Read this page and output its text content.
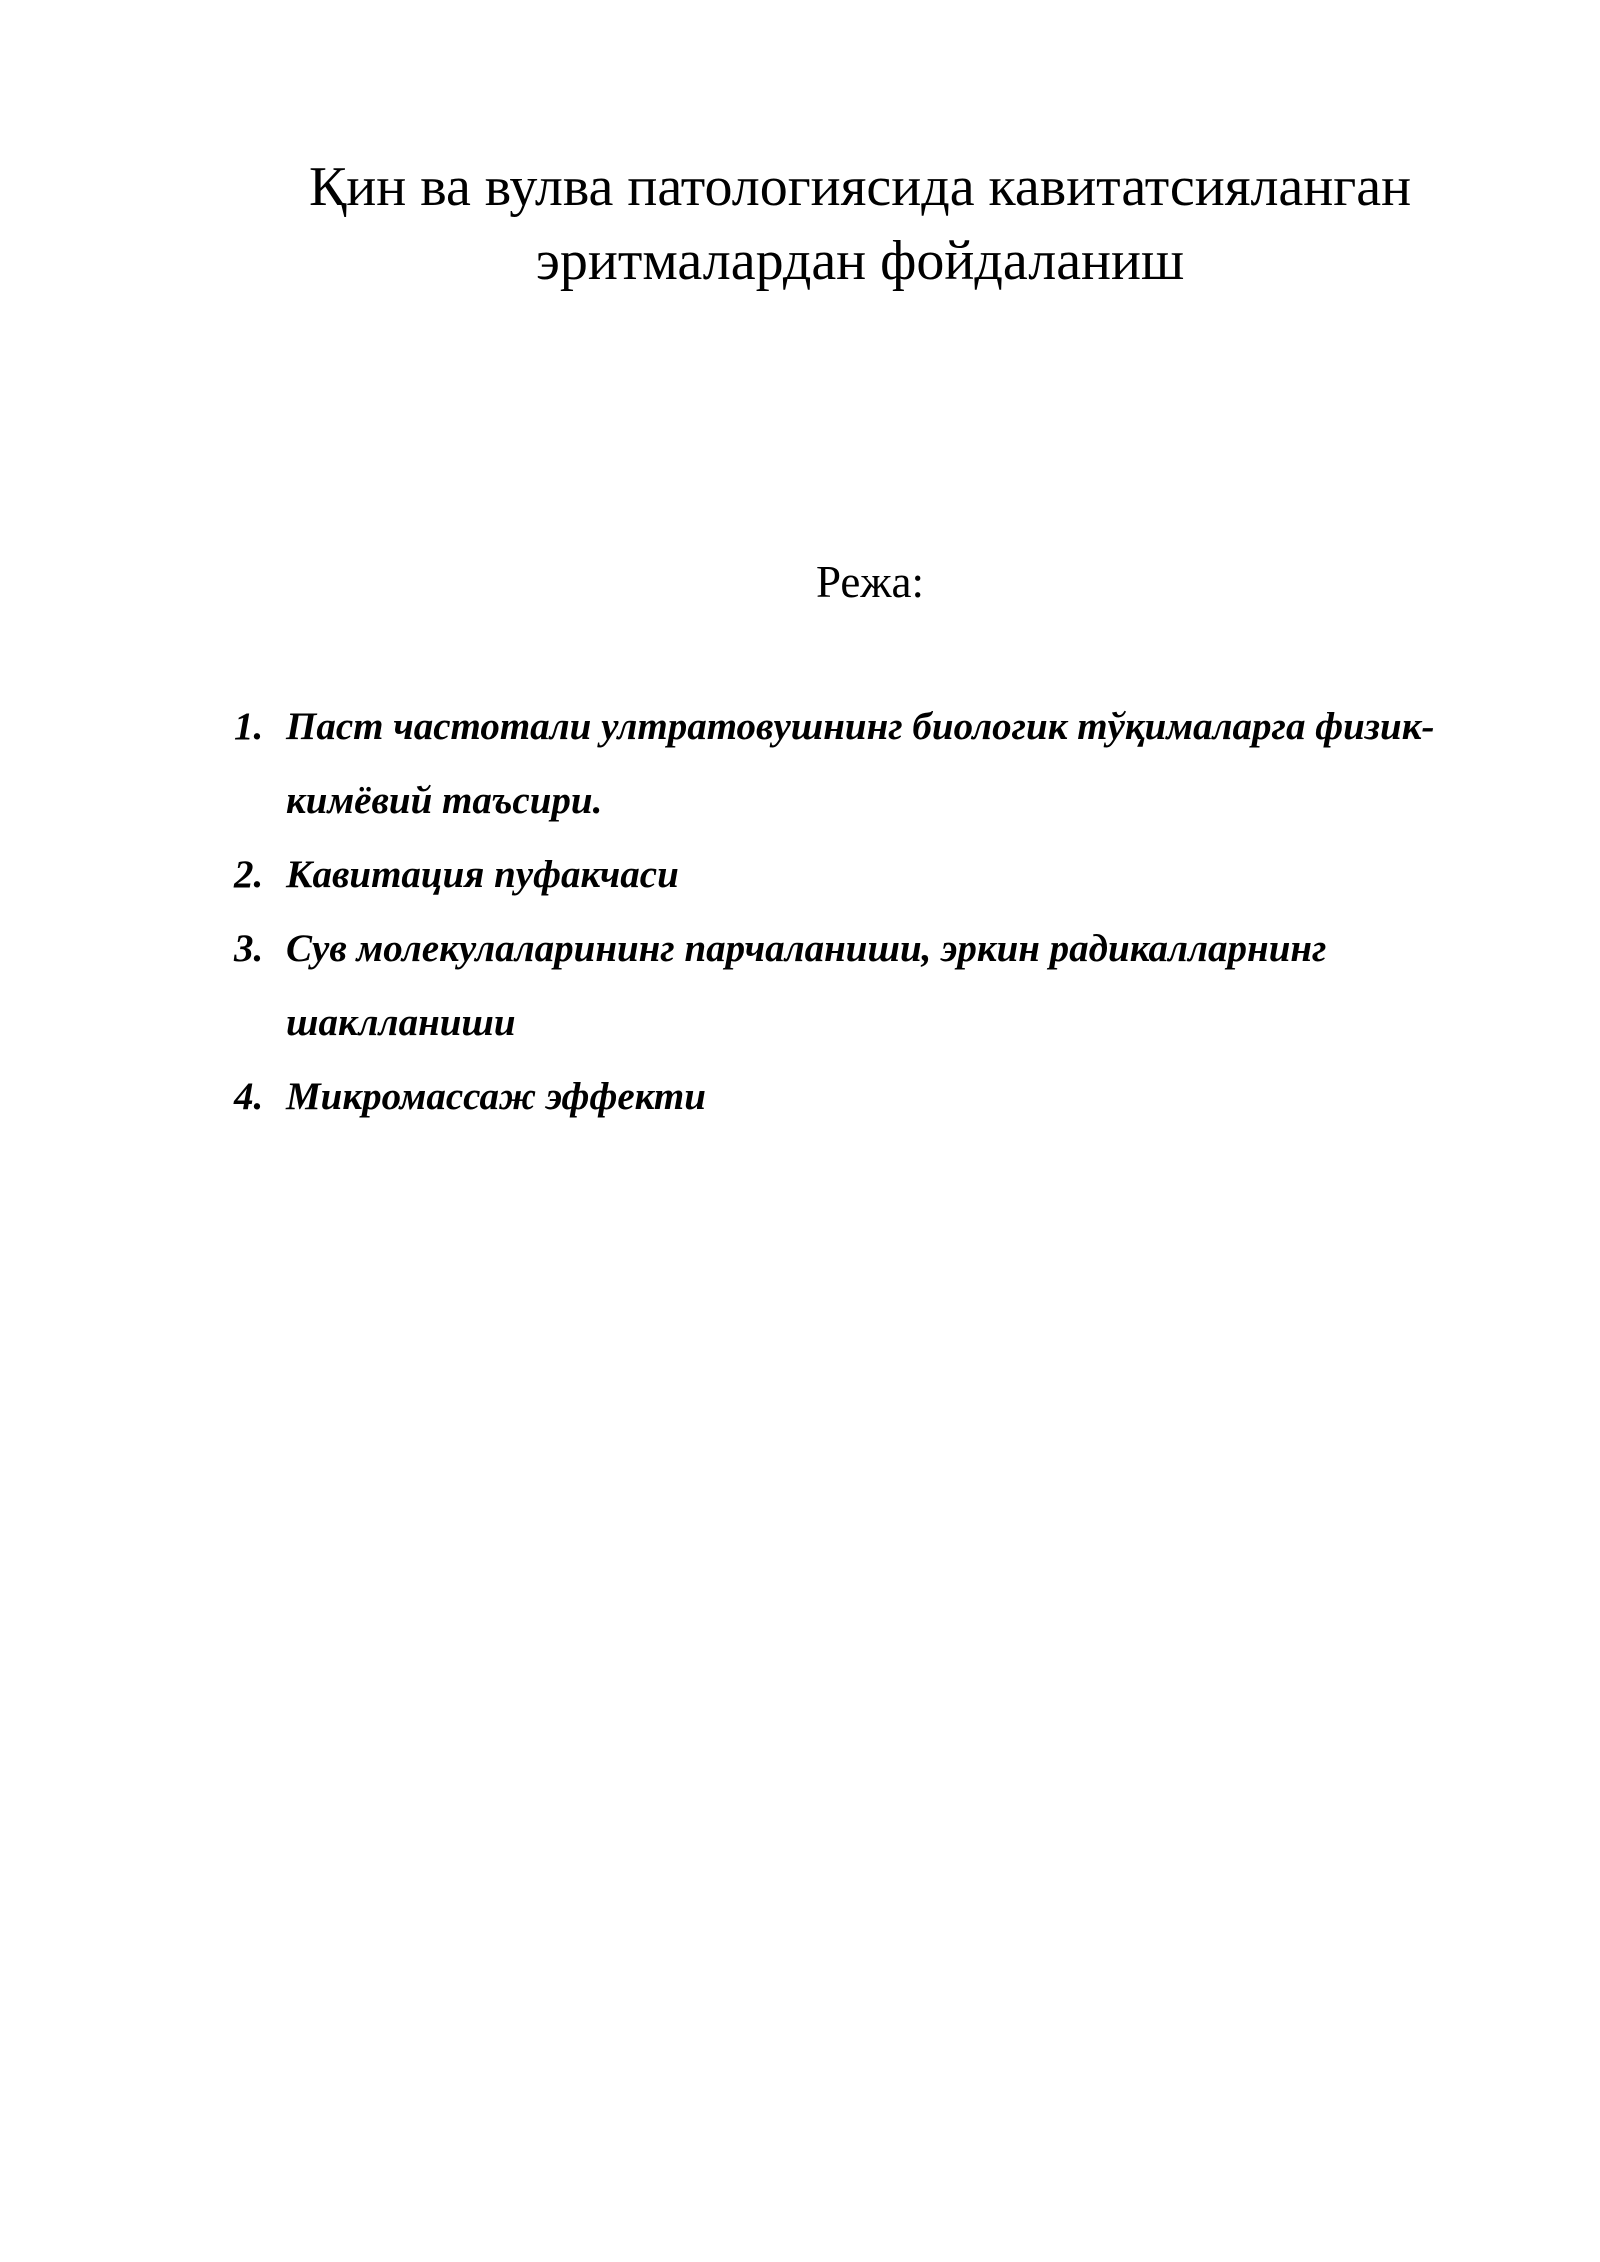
Қин ва вулва патологиясида кавитатсияланган
эритмалардан фойдаланиш
Режа:
1. Паст частотали ултратовушнинг биологик тўқималарга физик-кимёвий таъсири.
2. Кавитация пуфакчаси
3. Сув молекулаларининг парчаланиши, эркин радикалларнинг шаклланиши
4. Микромассаж эффекти
